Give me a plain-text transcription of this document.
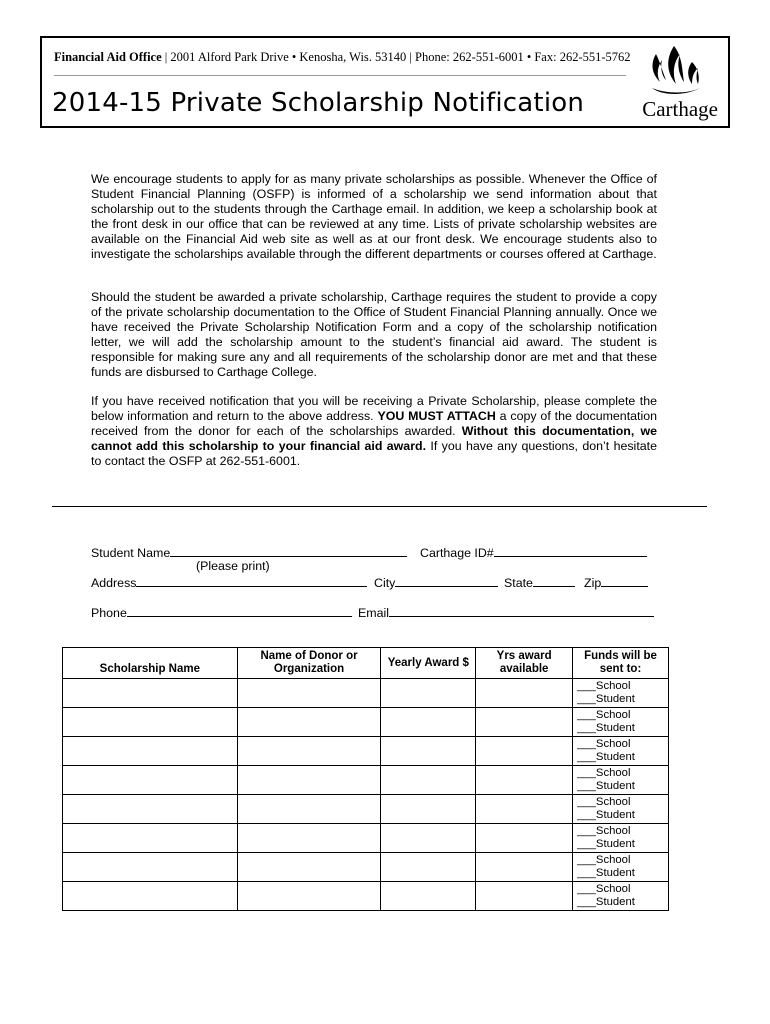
Financial Aid Office | 2001 Alford Park Drive • Kenosha, Wis. 53140 | Phone: 262-551-6001 • Fax: 262-551-5762
2014-15 Private Scholarship Notification	Carthage
We encourage students to apply for as many private scholarships as possible. Whenever the Office of Student Financial Planning (OSFP) is informed of a scholarship we send information about that scholarship out to the students through the Carthage email. In addition, we keep a scholarship book at the front desk in our office that can be reviewed at any time. Lists of private scholarship websites are available on the Financial Aid web site as well as at our front desk. We encourage students also to investigate the scholarships available through the different departments or courses offered at Carthage.
Should the student be awarded a private scholarship, Carthage requires the student to provide a copy of the private scholarship documentation to the Office of Student Financial Planning annually. Once we have received the Private Scholarship Notification Form and a copy of the scholarship notification letter, we will add the scholarship amount to the student’s financial aid award. The student is responsible for making sure any and all requirements of the scholarship donor are met and that these funds are disbursed to Carthage College.
If you have received notification that you will be receiving a Private Scholarship, please complete the below information and return to the above address. YOU MUST ATTACH a copy of the documentation received from the donor for each of the scholarships awarded. Without this documentation, we cannot add this scholarship to your financial aid award. If you have any questions, don’t hesitate to contact the OSFP at 262-551-6001.
Student Name	Carthage ID#
(Please print)
Address	City	State	Zip
Phone	Email
Scholarship Name	Name of Donor or Organization	Yearly Award $	Yrs award available	Funds will be sent to:

				___School
___Student

				___School
___Student

				___School
___Student

				___School
___Student

				___School
___Student

				___School
___Student

				___School
___Student

				___School
___Student
